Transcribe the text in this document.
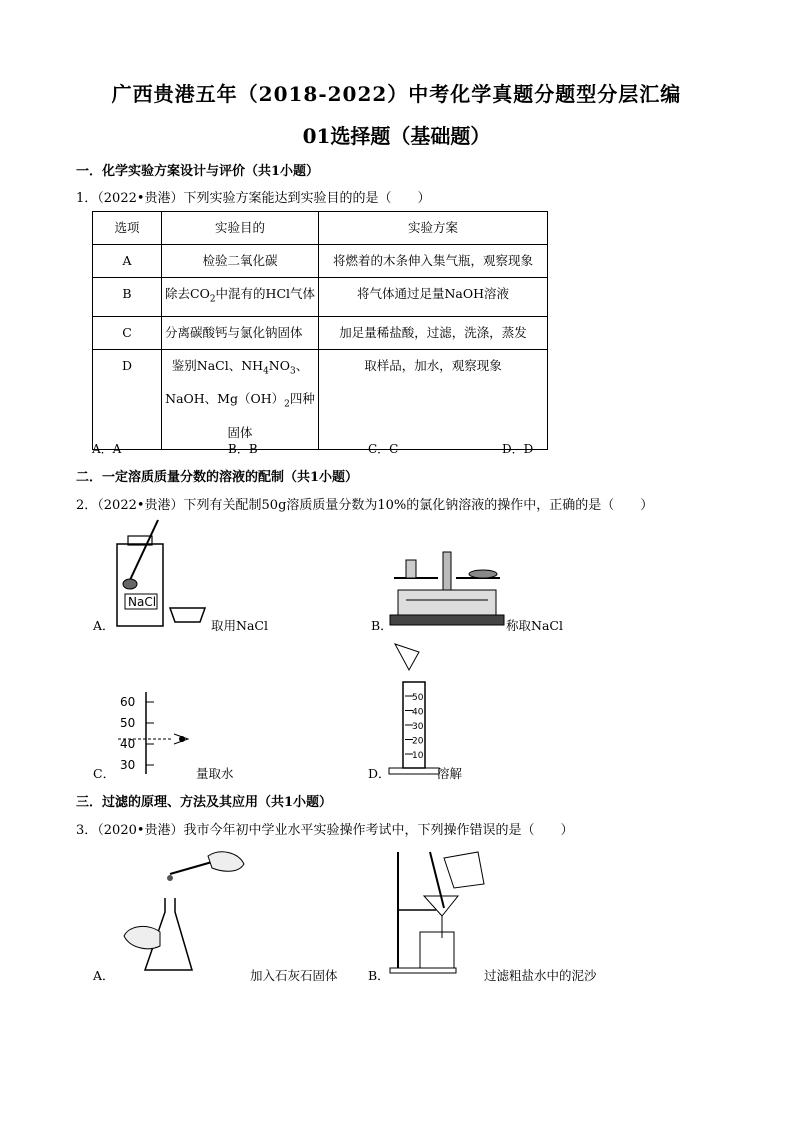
广西贵港五年（2018-2022）中考化学真题分题型分层汇编
01选择题（基础题）
一．化学实验方案设计与评价（共1小题）
1．（2022•贵港）下列实验方案能达到实验目的的是（　　）
选项	实验目的	实验方案
A	检验二氧化碳	将燃着的木条伸入集气瓶，观察现象
B	除去$CO_2$中混有的HCl气体	将气体通过足量NaOH溶液
C	分离碳酸钙与氯化钠固体	加足量稀盐酸，过滤，洗涤，蒸发
D	鉴别NaCl、$NH_4NO_3$、NaOH、$Mg(OH)_2$四种固体	取样品，加水，观察现象
A．A	B．B	C．C	D．D
二．一定溶质质量分数的溶液的配制（共1小题）
2．（2022•贵港）下列有关配制50g溶质质量分数为10%的氯化钠溶液的操作中，正确的是（　　）
NaCl
A．	取用NaCl	B．	称取NaCl
60
50
40
30
C．	量取水
50
40
30
20
10
D．	溶解
三．过滤的原理、方法及其应用（共1小题）
3．（2020•贵港）我市今年初中学业水平实验操作考试中，下列操作错误的是（　　）
A．	加入石灰石固体 B．	过滤粗盐水中的泥沙
